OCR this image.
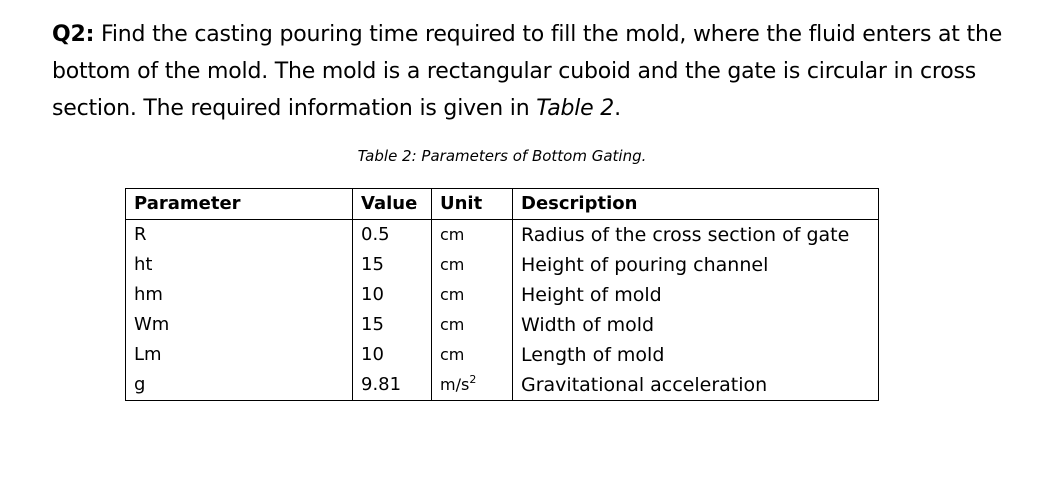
Q2: Find the casting pouring time required to fill the mold, where the fluid enters at the bottom of the mold. The mold is a rectangular cuboid and the gate is circular in cross section. The required information is given in Table 2.
Table 2: Parameters of Bottom Gating.
Parameter	Value	Unit	Description
R	0.5	cm	Radius of the cross section of gate
ht	15	cm	Height of pouring channel
hm	10	cm	Height of mold
Wm	15	cm	Width of mold
Lm	10	cm	Length of mold
g	9.81	$m/s^2$	Gravitational acceleration
